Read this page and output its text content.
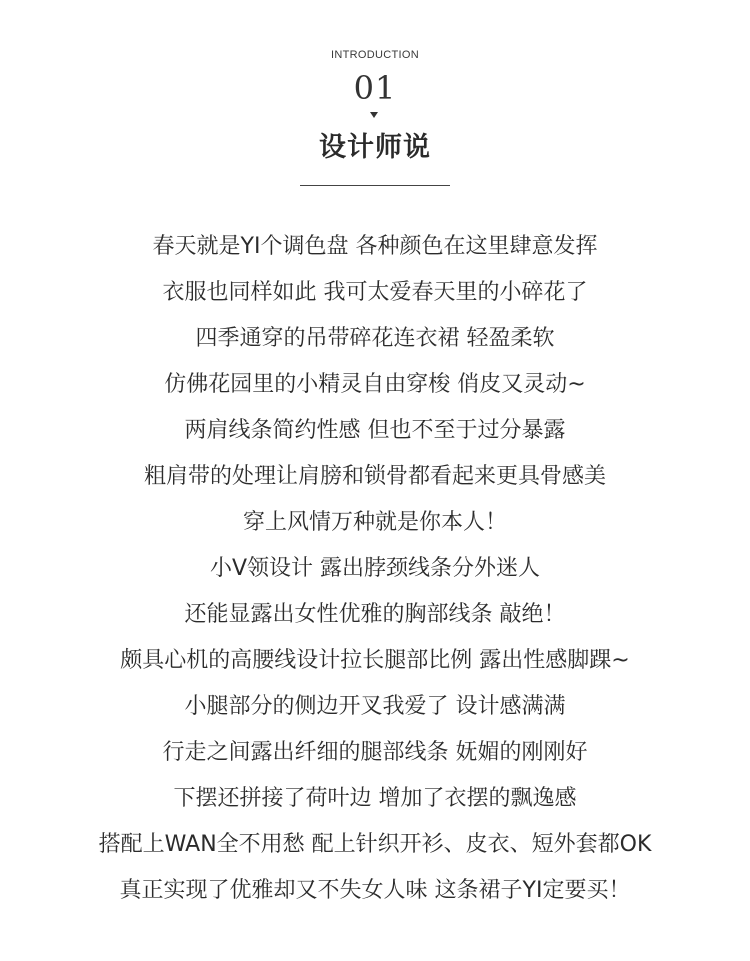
INTRODUCTION
01
设计师说
春天就是YI个调色盘 各种颜色在这里肆意发挥
衣服也同样如此 我可太爱春天里的小碎花了
四季通穿的吊带碎花连衣裙 轻盈柔软
仿佛花园里的小精灵自由穿梭 俏皮又灵动~
两肩线条简约性感 但也不至于过分暴露
粗肩带的处理让肩膀和锁骨都看起来更具骨感美
穿上风情万种就是你本人！
小V领设计 露出脖颈线条分外迷人
还能显露出女性优雅的胸部线条 敲绝！
颇具心机的高腰线设计拉长腿部比例 露出性感脚踝~
小腿部分的侧边开叉我爱了 设计感满满
行走之间露出纤细的腿部线条 妩媚的刚刚好
下摆还拼接了荷叶边 增加了衣摆的飘逸感
搭配上WAN全不用愁 配上针织开衫、皮衣、短外套都OK
真正实现了优雅却又不失女人味 这条裙子YI定要买！
